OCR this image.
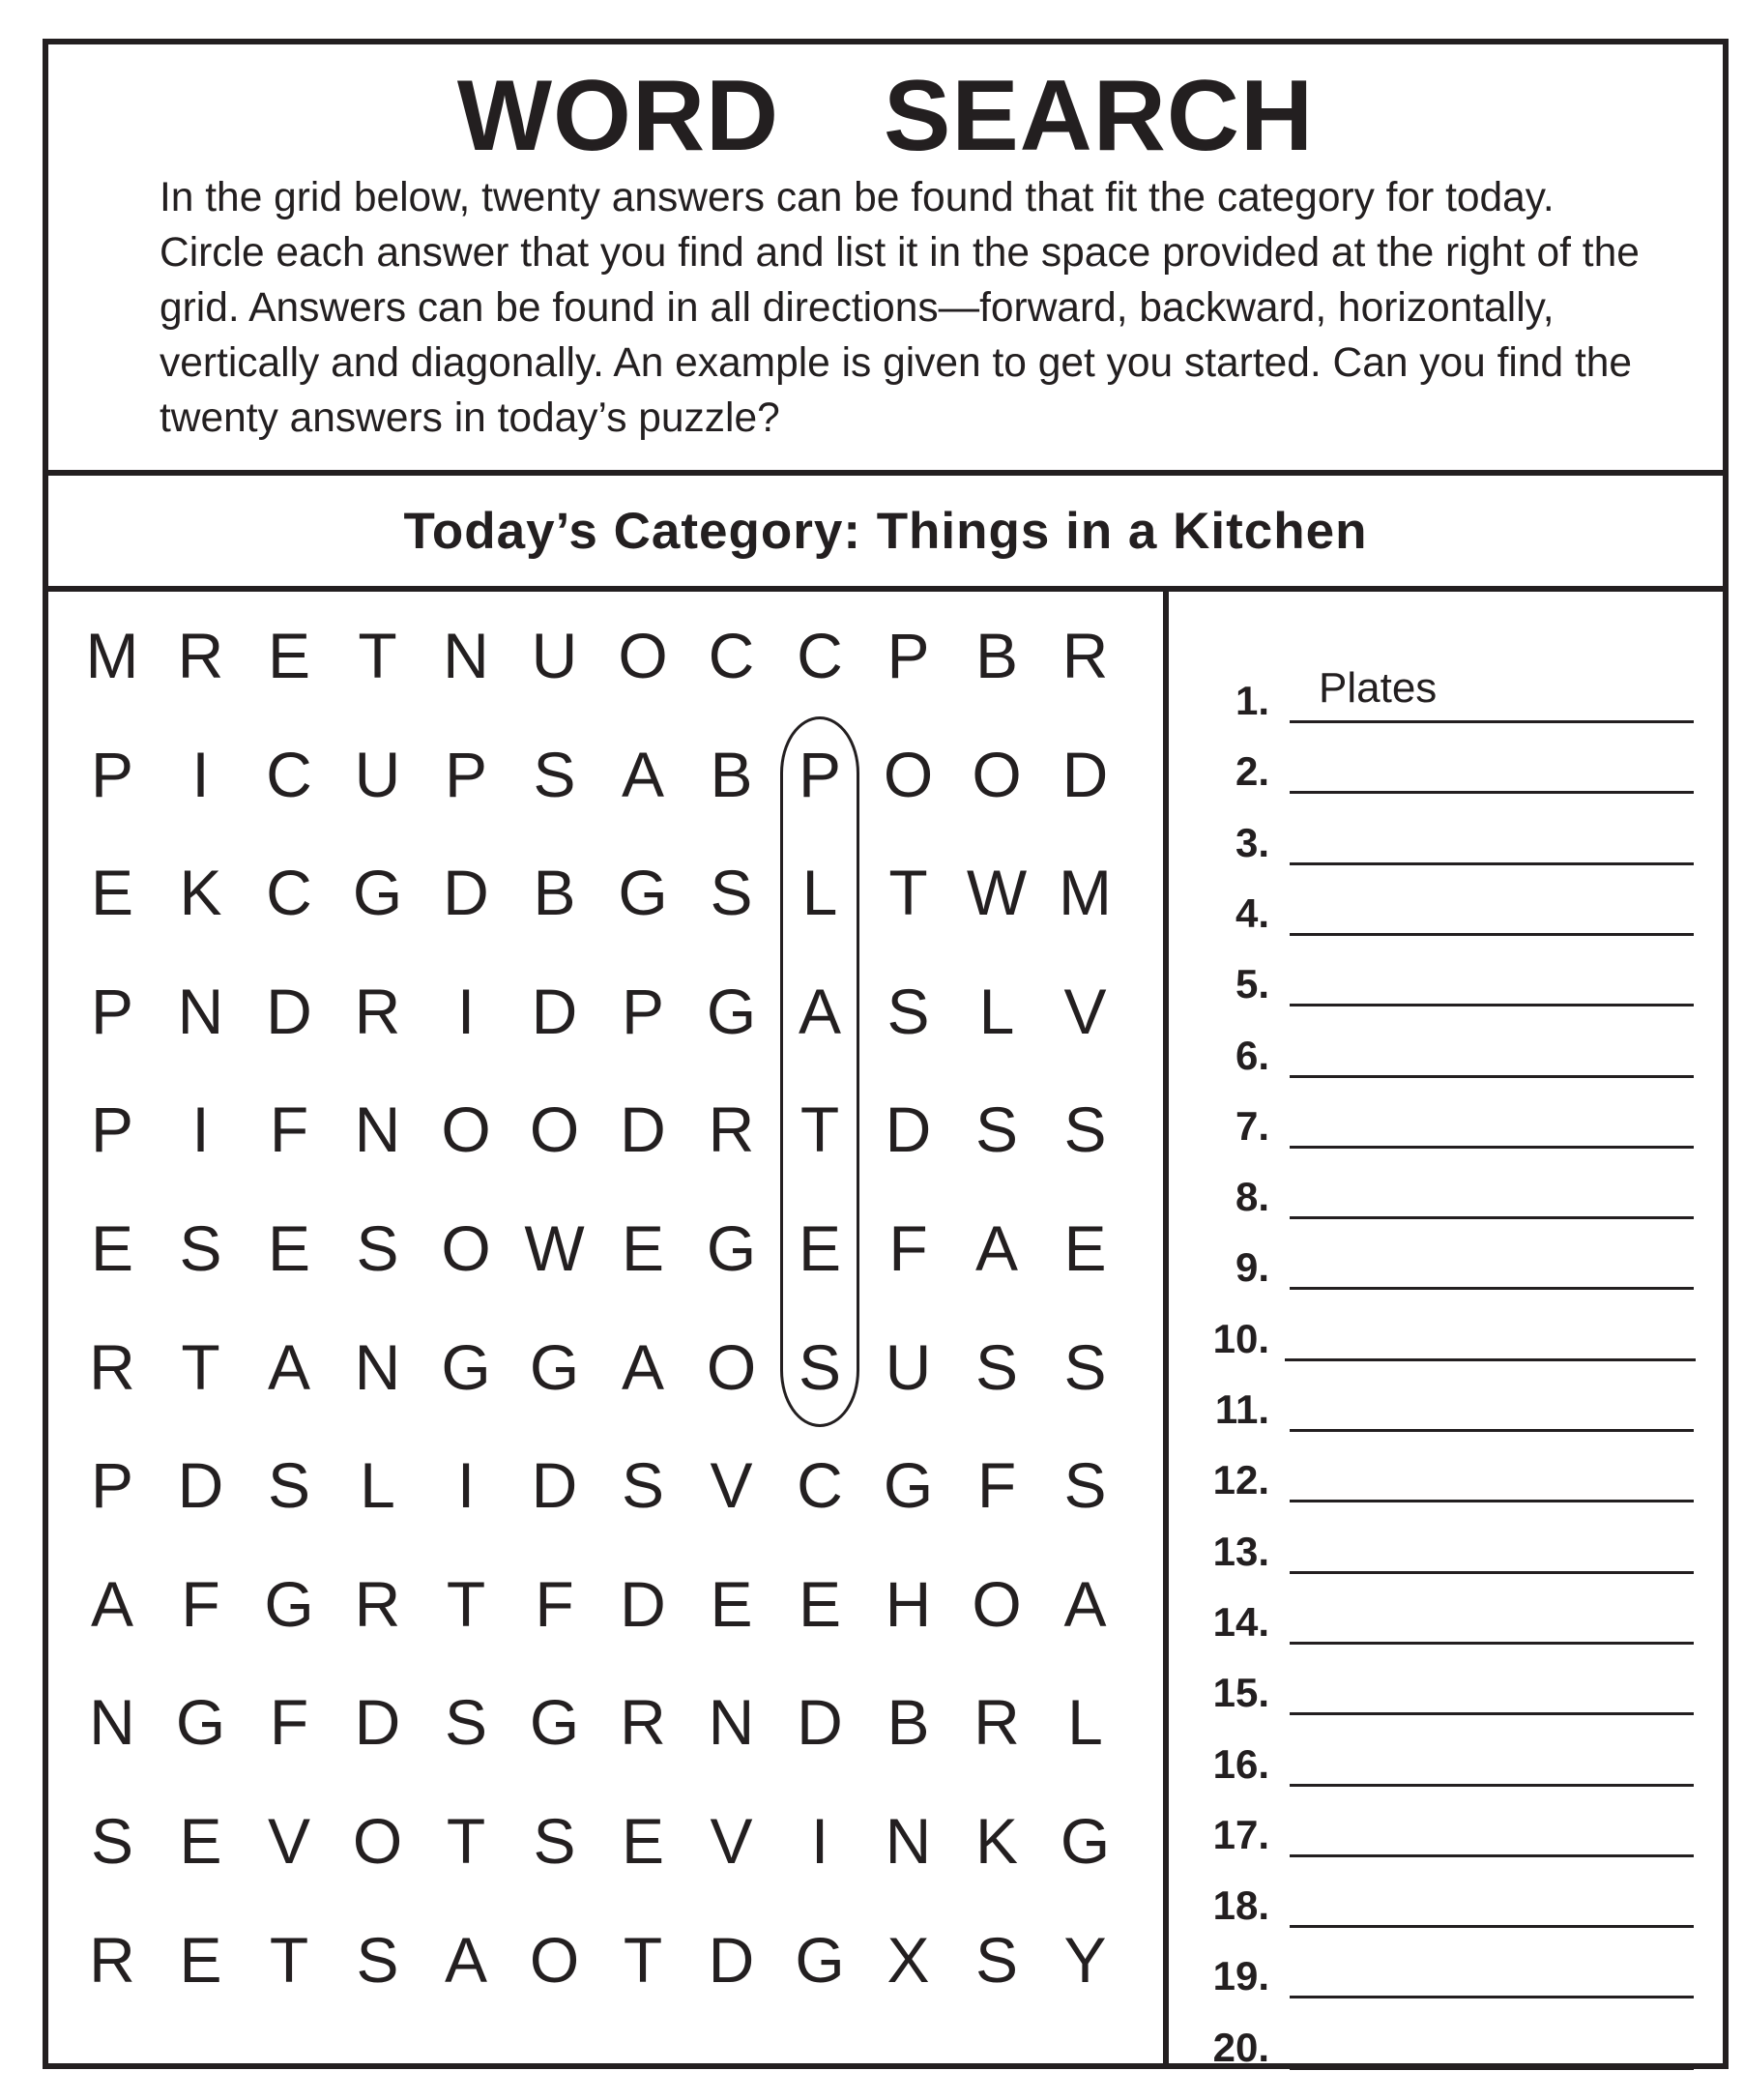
WORD  SEARCH
In the grid below, twenty answers can be found that fit the category for today. Circle each answer that you find and list it in the space provided at the right of the grid. Answers can be found in all directions—forward, backward, horizontally, vertically and diagonally. An example is given to get you started. Can you find the twenty answers in today’s puzzle?
Today’s Category: Things in a Kitchen
M R E T N U O C C P B R
P I C U P S A B P O O D
E K C G D B G S L T W M
P N D R I D P G A S L V
P I F N O O D R T D S S
E S E S O W E G E F A E
R T A N G G A O S U S S
P D S L I D S V C G F S
A F G R T F D E E H O A
N G F D S G R N D B R L
S E V O T S E V I N K G
R E T S A O T D G X S Y
1. Plates
2.
3.
4.
5.
6.
7.
8.
9.
10.
11.
12.
13.
14.
15.
16.
17.
18.
19.
20.
